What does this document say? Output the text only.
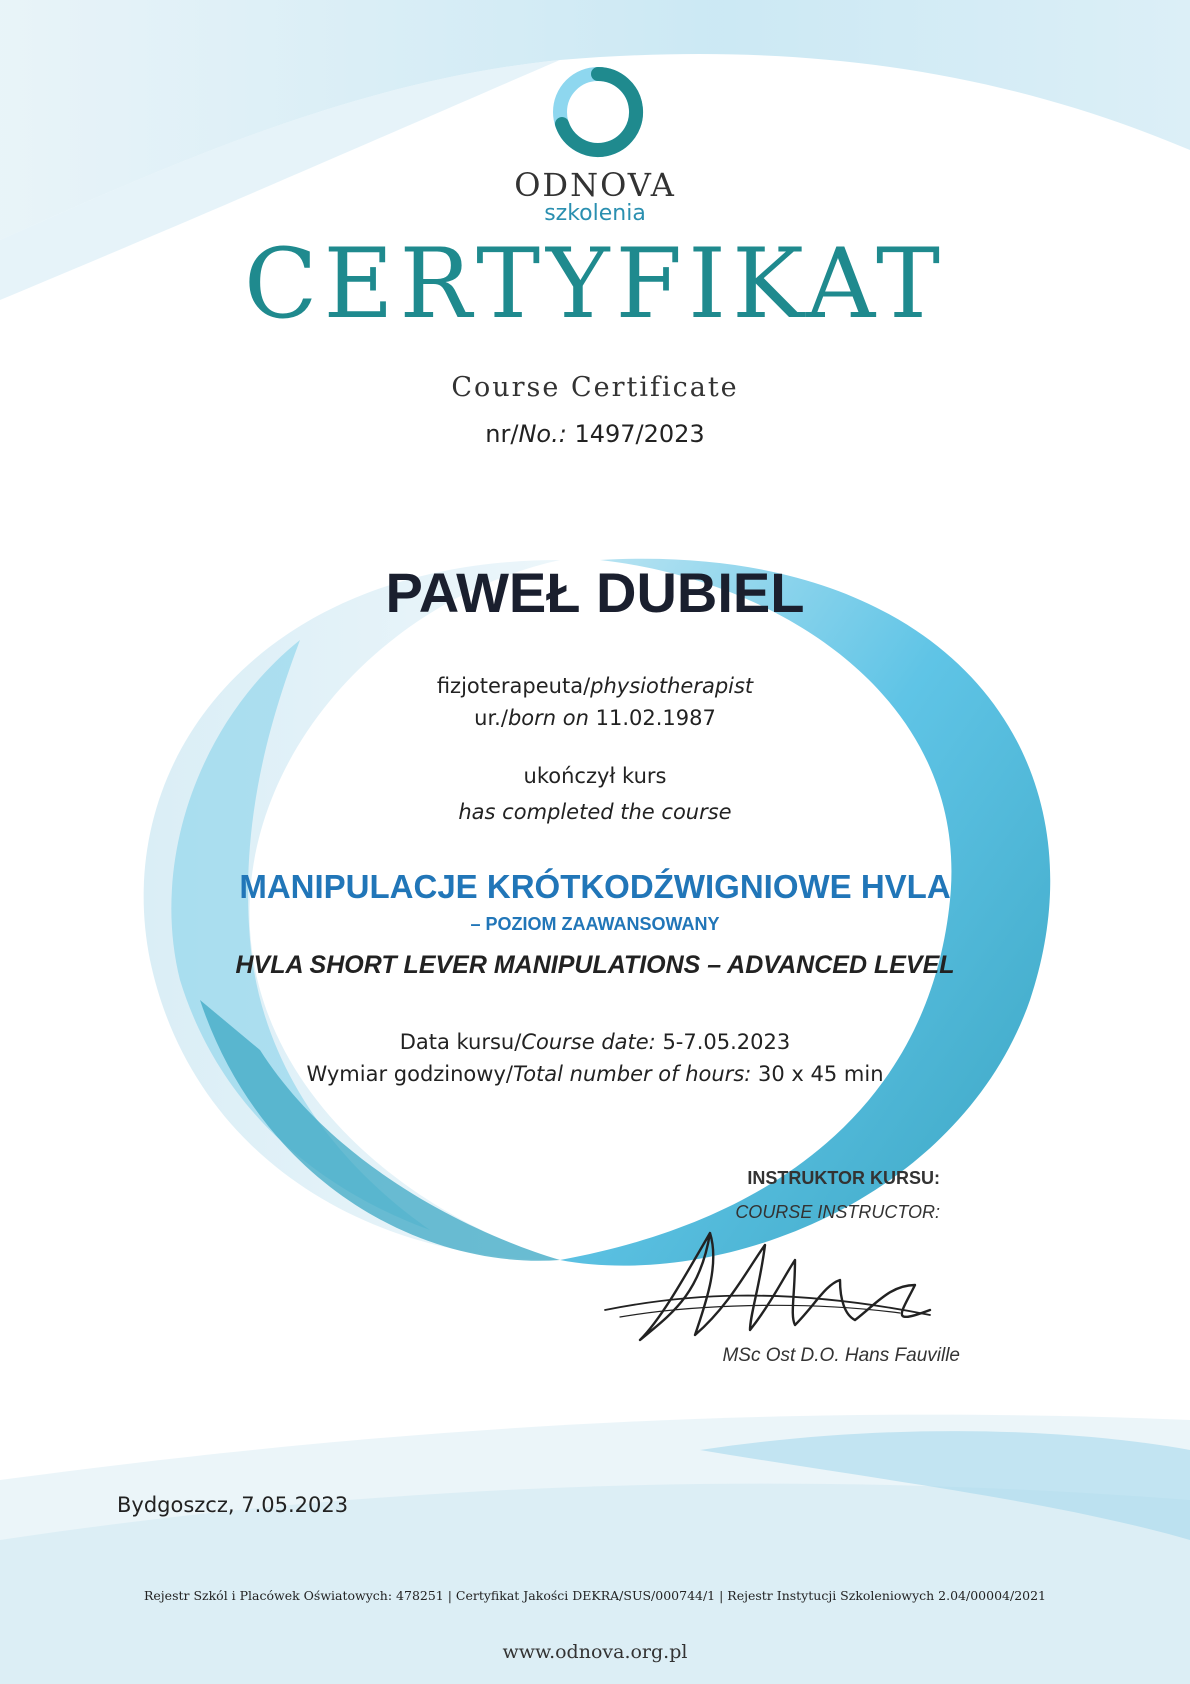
ODNOVA
szkolenia
CERTYFIKAT
Course Certificate
nr/No.: 1497/2023
PAWEŁ DUBIEL
fizjoterapeuta/physiotherapist
ur./born on 11.02.1987
ukończył kurs
has completed the course
MANIPULACJE KRÓTKODŹWIGNIOWE HVLA
– POZIOM ZAAWANSOWANY
HVLA SHORT LEVER MANIPULATIONS – ADVANCED LEVEL
Data kursu/Course date: 5-7.05.2023
Wymiar godzinowy/Total number of hours: 30 x 45 min
INSTRUKTOR KURSU:
COURSE INSTRUCTOR:
MSc Ost D.O. Hans Fauville
Bydgoszcz, 7.05.2023
Rejestr Szkól i Placówek Oświatowych: 478251 | Certyfikat Jakości DEKRA/SUS/000744/1 | Rejestr Instytucji Szkoleniowych 2.04/00004/2021
www.odnova.org.pl
